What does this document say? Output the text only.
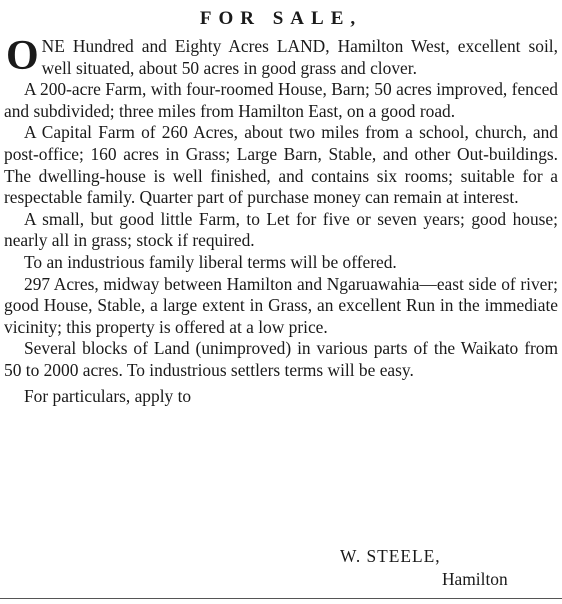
FOR SALE,

ONE Hundred and Eighty Acres LAND, Hamilton West, excellent soil, well situated, about 50 acres in good grass and clover.

A 200-acre Farm, with four-roomed House, Barn; 50 acres improved, fenced and subdivided; three miles from Hamilton East, on a good road.

A Capital Farm of 260 Acres, about two miles from a school, church, and post-office; 160 acres in Grass; Large Barn, Stable, and other Out-buildings. The dwelling-house is well finished, and contains six rooms; suitable for a respectable family. Quarter part of purchase money can remain at interest.

A small, but good little Farm, to Let for five or seven years; good house; nearly all in grass; stock if required.

To an industrious family liberal terms will be offered.

297 Acres, midway between Hamilton and Ngaruawahia—east side of river; good House, Stable, a large extent in Grass, an excellent Run in the immediate vicinity; this property is offered at a low price.

Several blocks of Land (unimproved) in various parts of the Waikato from 50 to 2000 acres. To industrious settlers terms will be easy.

For particulars, apply to

W. STEELE,
Hamilton
